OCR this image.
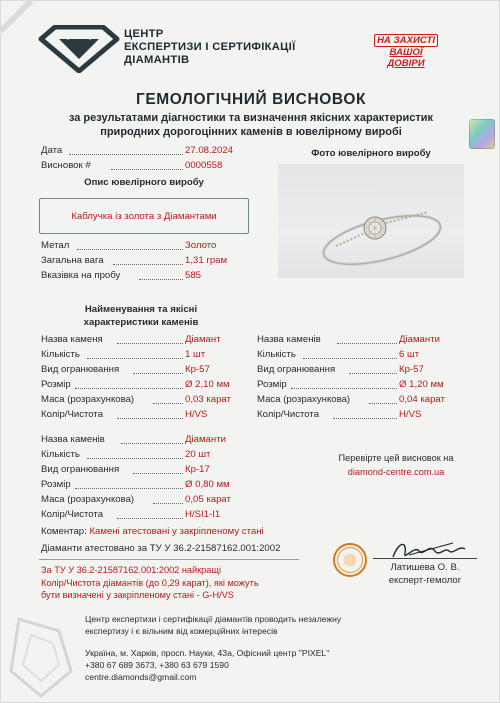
ЦЕНТР
ЕКСПЕРТИЗИ І СЕРТИФІКАЦІЇ
ДІАМАНТІВ
НА ЗАХИСТІ
ВАШОЇ
ДОВІРИ
ГЕМОЛОГІЧНИЙ ВИСНОВОК
за результатами діагностики та визначення якісних характеристик
природних дорогоцінних каменів в ювелірному виробі
Дата	27.08.2024
Висновок #	0000558
Фото ювелірного виробу
Опис ювелірного виробу
Каблучка із золота з Діамантами
Метал	Золото
Загальна вага	1,31 грам
Вказівка на пробу	585
Найменування та якісні
характеристики каменів
Назва каменя	Діамант
Кількість	1 шт
Вид огранювання	Кр-57
Розмір	Ø 2,10 мм
Маса (розрахункова)	0,03 карат
Колір/Чистота	H/VS
Назва каменів	Діаманти
Кількість	6 шт
Вид огранювання	Кр-57
Розмір	Ø 1,20 мм
Маса (розрахункова)	0,04 карат
Колір/Чистота	H/VS
Назва каменів	Діаманти
Кількість	20 шт
Вид огранювання	Кр-17
Розмір	Ø 0,80 мм
Маса (розрахункова)	0,05 карат
Колір/Чистота	H/SI1-I1
Перевірте цей висновок на
diamond-centre.com.ua
Коментар: Камені атестовані у закріпленому стані
Діаманти атестовано за ТУ У 36.2-2158716​2.001:2002
За ТУ У 36.2-21587162.001:2002 найкращі
Колір/Чистота діамантів (до 0,29 карат), які можуть
бути визначені у закріпленому стані - G-H/VS
Латишева О. В.
експерт-гемолог
Центр експертизи і сертифікації діамантів проводить незалежну
експертизу і є вільним від комерційних інтересів
Україна, м. Харків, просп. Науки, 43а, Офісний центр "PIXEL"
+380 67 689 3673, +380 63 679 1590
centre.diamonds@gmail.com
